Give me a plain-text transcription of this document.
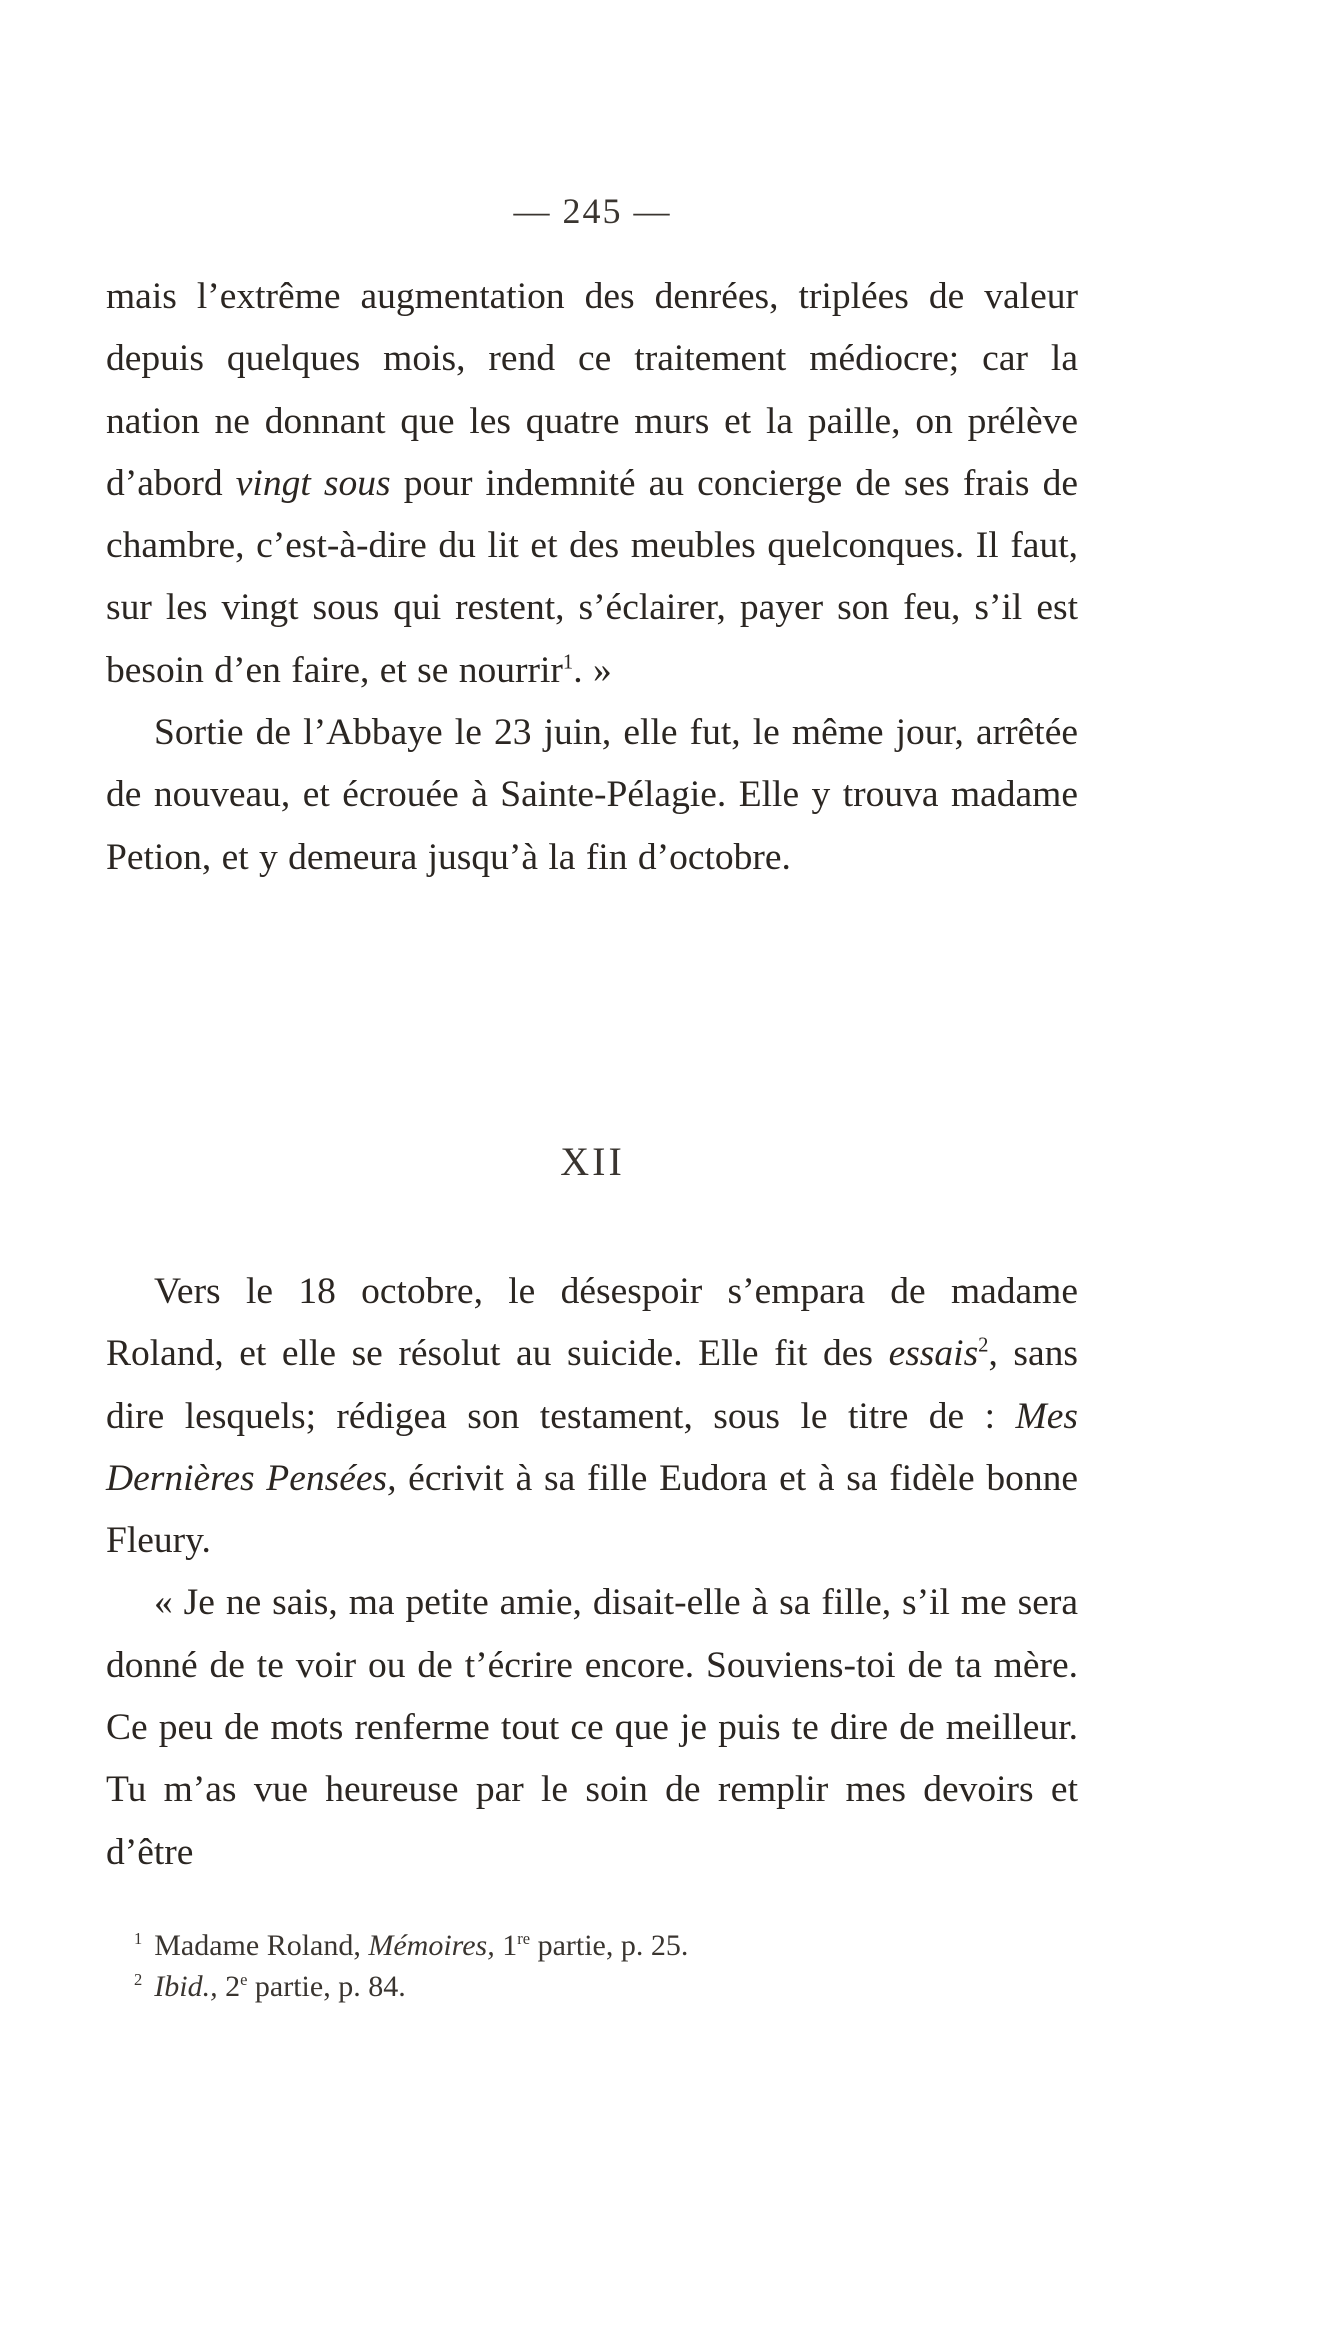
— 245 —

mais l’extrême augmentation des denrées, triplées de valeur depuis quelques mois, rend ce traitement médiocre; car la nation ne donnant que les quatre murs et la paille, on prélève d’abord vingt sous pour indemnité au concierge de ses frais de chambre, c’est-à-dire du lit et des meubles quelconques. Il faut, sur les vingt sous qui restent, s’éclairer, payer son feu, s’il est besoin d’en faire, et se nourrir$^1$. »

Sortie de l’Abbaye le 23 juin, elle fut, le même jour, arrêtée de nouveau, et écrouée à Sainte-Pélagie. Elle y trouva madame Petion, et y demeura jusqu’à la fin d’octobre.

XII

Vers le 18 octobre, le désespoir s’empara de madame Roland, et elle se résolut au suicide. Elle fit des essais$^2$, sans dire lesquels; rédigea son testament, sous le titre de : Mes Dernières Pensées, écrivit à sa fille Eudora et à sa fidèle bonne Fleury.

« Je ne sais, ma petite amie, disait-elle à sa fille, s’il me sera donné de te voir ou de t’écrire encore. Souviens-toi de ta mère. Ce peu de mots renferme tout ce que je puis te dire de meilleur. Tu m’as vue heureuse par le soin de remplir mes devoirs et d’être

$^1$ Madame Roland, Mémoires, 1re partie, p. 25.

$^2$ Ibid., 2e partie, p. 84.
